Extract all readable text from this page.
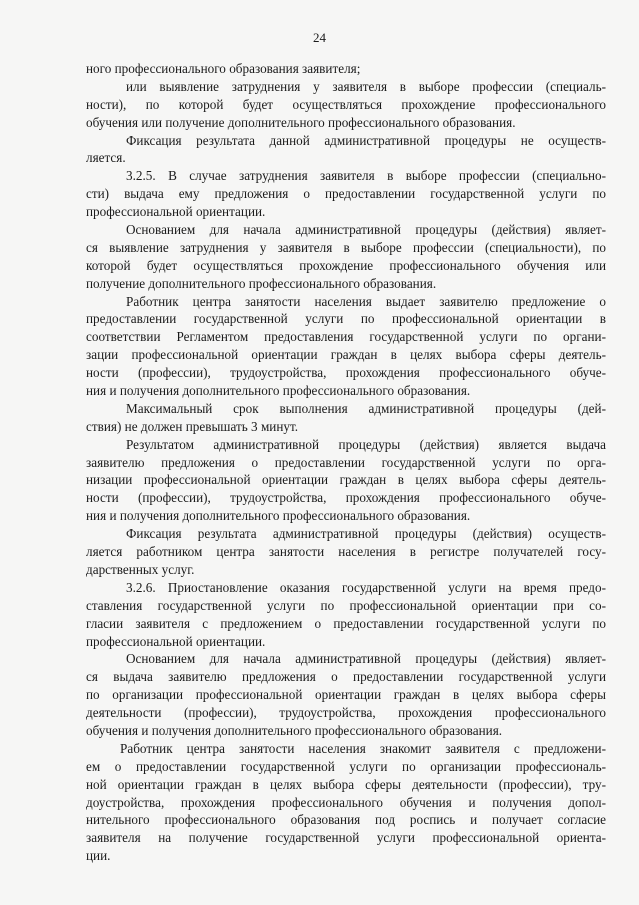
24
ного профессионального образования заявителя;
или выявление затруднения у заявителя в выборе профессии (специаль-
ности), по которой будет осуществляться прохождение профессионального
обучения или получение дополнительного профессионального образования.
Фиксация результата данной административной процедуры не осуществ-
ляется.
3.2.5. В случае затруднения заявителя в выборе профессии (специально-
сти) выдача ему предложения о предоставлении государственной услуги по
профессиональной ориентации.
Основанием для начала административной процедуры (действия) являет-
ся выявление затруднения у заявителя в выборе профессии (специальности), по
которой будет осуществляться прохождение профессионального обучения или
получение дополнительного профессионального образования.
Работник центра занятости населения выдает заявителю предложение о
предоставлении государственной услуги по профессиональной ориентации в
соответствии Регламентом предоставления государственной услуги по органи-
зации профессиональной ориентации граждан в целях выбора сферы деятель-
ности (профессии), трудоустройства, прохождения профессионального обуче-
ния и получения дополнительного профессионального образования.
Максимальный срок выполнения административной процедуры (дей-
ствия) не должен превышать 3 минут.
Результатом административной процедуры (действия) является выдача
заявителю предложения о предоставлении государственной услуги по орга-
низации профессиональной ориентации граждан в целях выбора сферы деятель-
ности (профессии), трудоустройства, прохождения профессионального обуче-
ния и получения дополнительного профессионального образования.
Фиксация результата административной процедуры (действия) осуществ-
ляется работником центра занятости населения в регистре получателей госу-
дарственных услуг.
3.2.6. Приостановление оказания государственной услуги на время предо-
ставления государственной услуги по профессиональной ориентации при со-
гласии заявителя с предложением о предоставлении государственной услуги по
профессиональной ориентации.
Основанием для начала административной процедуры (действия) являет-
ся выдача заявителю предложения о предоставлении государственной услуги
по организации профессиональной ориентации граждан в целях выбора сферы
деятельности (профессии), трудоустройства, прохождения профессионального
обучения и получения дополнительного профессионального образования.
Работник центра занятости населения знакомит заявителя с предложени-
ем о предоставлении государственной услуги по организации профессиональ-
ной ориентации граждан в целях выбора сферы деятельности (профессии), тру-
доустройства, прохождения профессионального обучения и получения допол-
нительного профессионального образования под роспись и получает согласие
заявителя на получение государственной услуги профессиональной ориента-
ции.
